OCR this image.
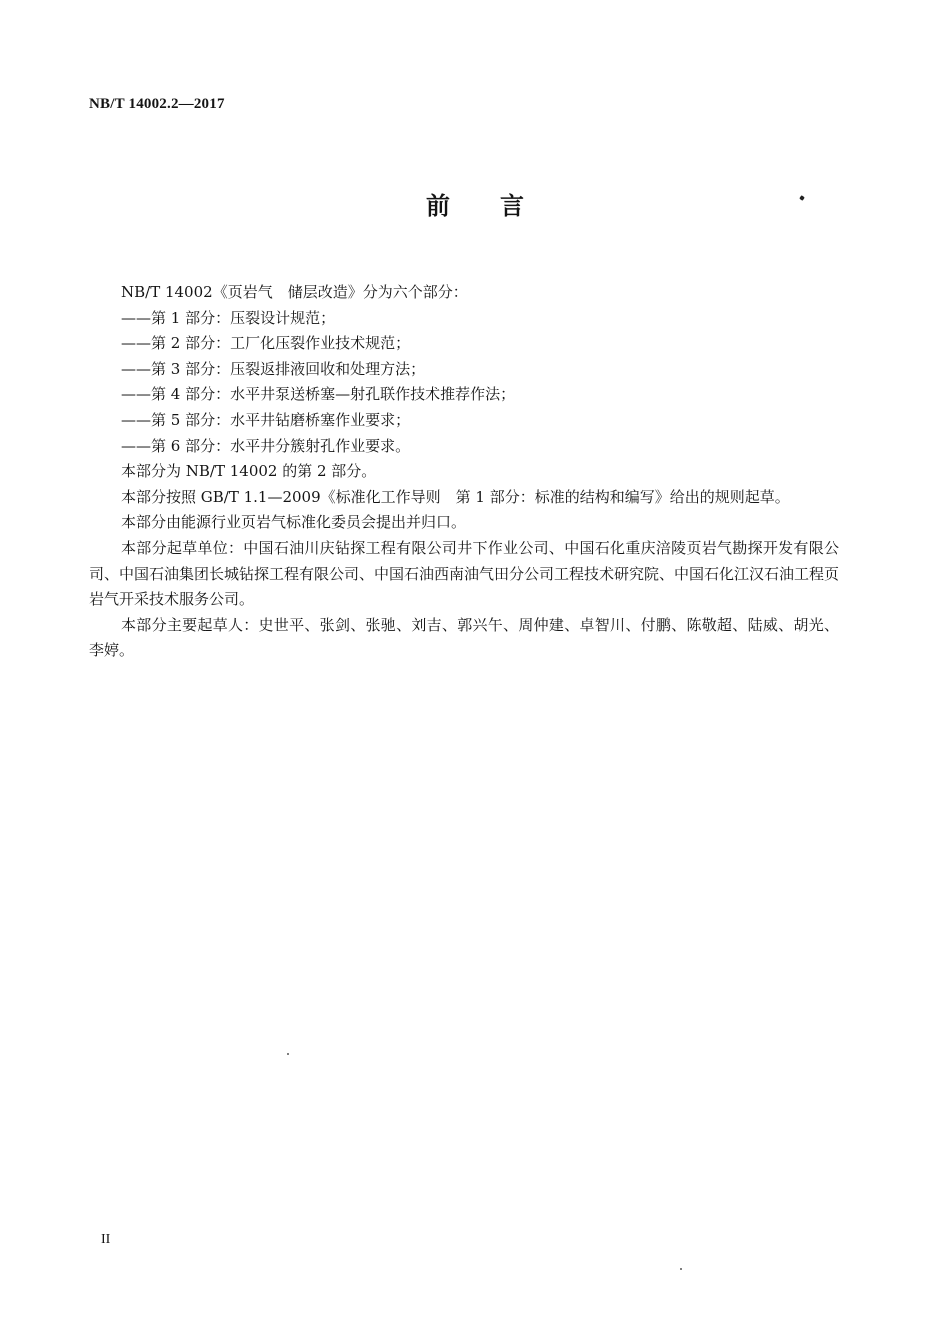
NB/T 14002.2—2017
前言

NB/T 14002《页岩气　储层改造》分为六个部分：

——第 1 部分：压裂设计规范；

——第 2 部分：工厂化压裂作业技术规范；

——第 3 部分：压裂返排液回收和处理方法；

——第 4 部分：水平井泵送桥塞—射孔联作技术推荐作法；

——第 5 部分：水平井钻磨桥塞作业要求；

——第 6 部分：水平井分簇射孔作业要求。

本部分为 NB/T 14002 的第 2 部分。

本部分按照 GB/T 1.1—2009《标准化工作导则　第 1 部分：标准的结构和编写》给出的规则起草。

本部分由能源行业页岩气标准化委员会提出并归口。

本部分起草单位：中国石油川庆钻探工程有限公司井下作业公司、中国石化重庆涪陵页岩气勘探开发有限公司、中国石油集团长城钻探工程有限公司、中国石油西南油气田分公司工程技术研究院、中国石化江汉石油工程页岩气开采技术服务公司。

本部分主要起草人：史世平、张剑、张驰、刘吉、郭兴午、周仲建、卓智川、付鹏、陈敬超、陆威、胡光、李婷。

II
